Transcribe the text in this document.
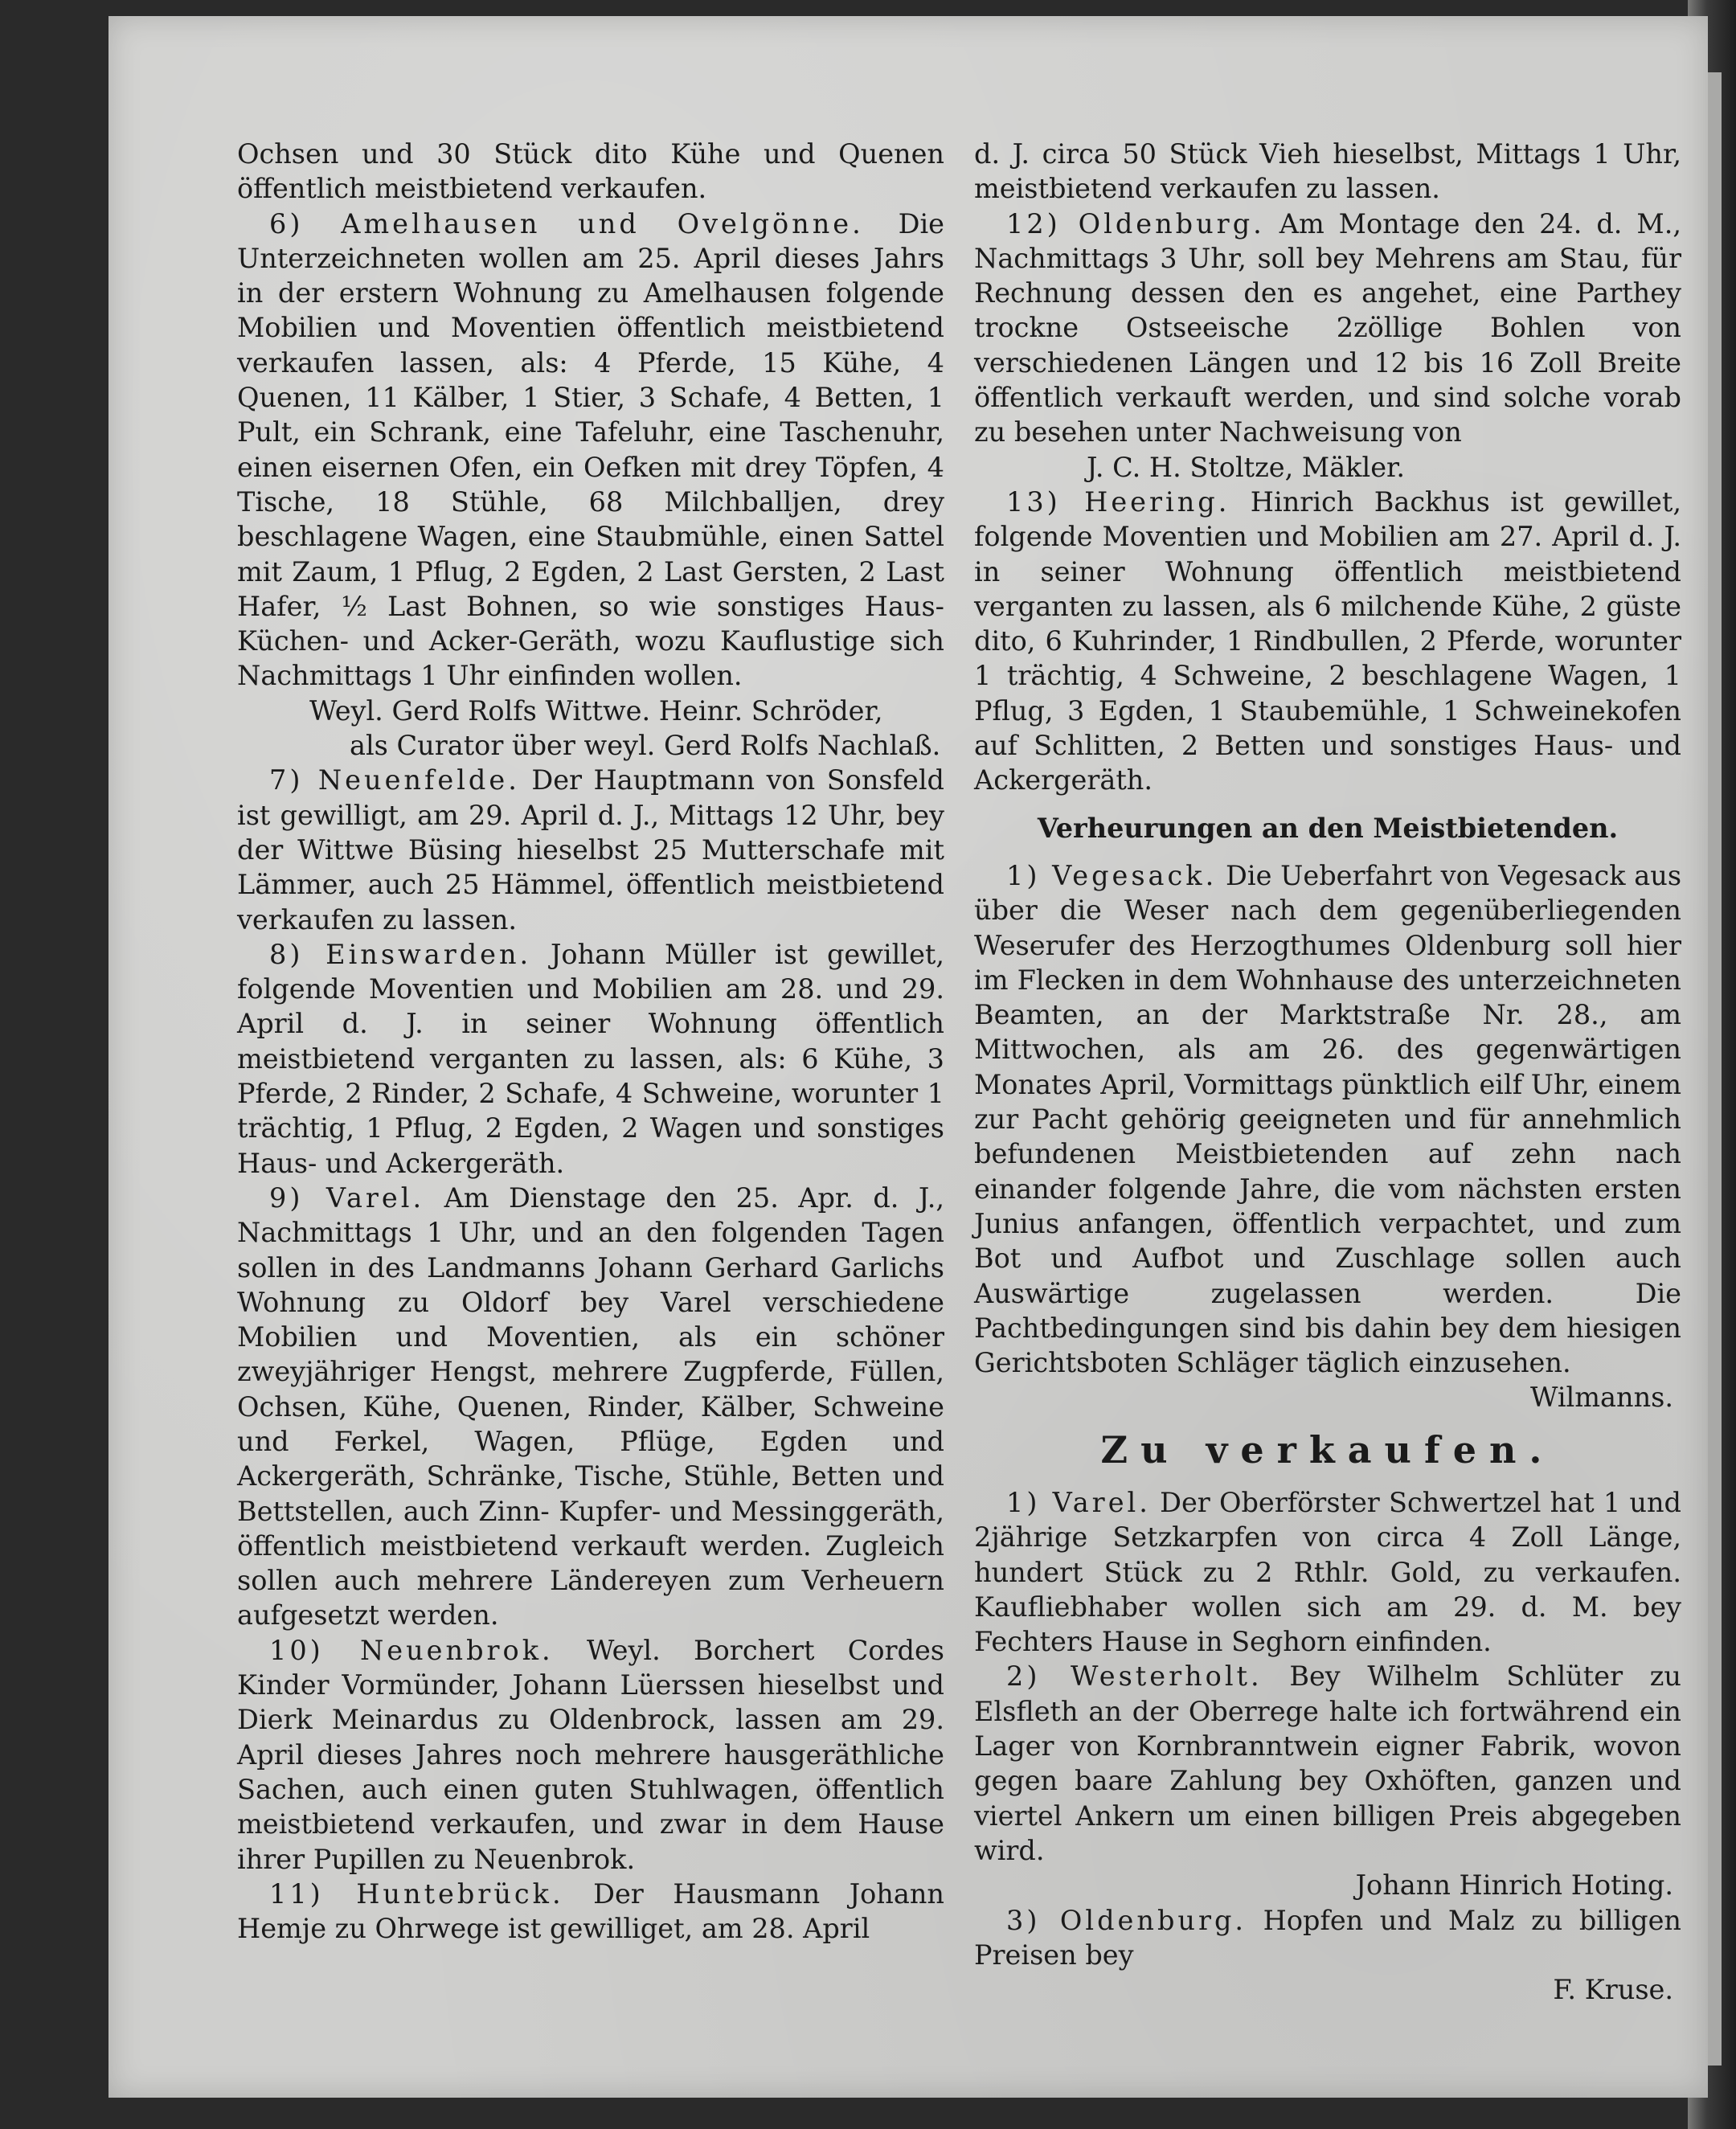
Ochsen und 30 Stück dito Kühe und Quenen öffentlich meistbietend verkaufen.

6) Amelhausen und Ovelgönne. Die Unterzeichneten wollen am 25. April dieses Jahrs in der erstern Wohnung zu Amelhausen folgende Mobilien und Moventien öffentlich meistbietend verkaufen lassen, als: 4 Pferde, 15 Kühe, 4 Quenen, 11 Kälber, 1 Stier, 3 Schafe, 4 Betten, 1 Pult, ein Schrank, eine Tafeluhr, eine Taschenuhr, einen eisernen Ofen, ein Oefken mit drey Töpfen, 4 Tische, 18 Stühle, 68 Milchballjen, drey beschlagene Wagen, eine Staubmühle, einen Sattel mit Zaum, 1 Pflug, 2 Egden, 2 Last Gersten, 2 Last Hafer, ½ Last Bohnen, so wie sonstiges Haus- Küchen- und Acker-Geräth, wozu Kauflustige sich Nachmittags 1 Uhr einfinden wollen.

Weyl. Gerd Rolfs Wittwe. Heinr. Schröder,

als Curator über weyl. Gerd Rolfs Nachlaß.

7) Neuenfelde. Der Hauptmann von Sonsfeld ist gewilligt, am 29. April d. J., Mittags 12 Uhr, bey der Wittwe Büsing hieselbst 25 Mutterschafe mit Lämmer, auch 25 Hämmel, öffentlich meistbietend verkaufen zu lassen.

8) Einswarden. Johann Müller ist gewillet, folgende Moventien und Mobilien am 28. und 29. April d. J. in seiner Wohnung öffentlich meistbietend verganten zu lassen, als: 6 Kühe, 3 Pferde, 2 Rinder, 2 Schafe, 4 Schweine, worunter 1 trächtig, 1 Pflug, 2 Egden, 2 Wagen und sonstiges Haus- und Ackergeräth.

9) Varel. Am Dienstage den 25. Apr. d. J., Nachmittags 1 Uhr, und an den folgenden Tagen sollen in des Landmanns Johann Gerhard Garlichs Wohnung zu Oldorf bey Varel verschiedene Mobilien und Moventien, als ein schöner zweyjähriger Hengst, mehrere Zugpferde, Füllen, Ochsen, Kühe, Quenen, Rinder, Kälber, Schweine und Ferkel, Wagen, Pflüge, Egden und Ackergeräth, Schränke, Tische, Stühle, Betten und Bettstellen, auch Zinn- Kupfer- und Messinggeräth, öffentlich meistbietend verkauft werden. Zugleich sollen auch mehrere Ländereyen zum Verheuern aufgesetzt werden.

10) Neuenbrok. Weyl. Borchert Cordes Kinder Vormünder, Johann Lüerssen hieselbst und Dierk Meinardus zu Oldenbrock, lassen am 29. April dieses Jahres noch mehrere hausgeräthliche Sachen, auch einen guten Stuhlwagen, öffentlich meistbietend verkaufen, und zwar in dem Hause ihrer Pupillen zu Neuenbrok.

11) Huntebrück. Der Hausmann Johann Hemje zu Ohrwege ist gewilliget, am 28. April

d. J. circa 50 Stück Vieh hieselbst, Mittags 1 Uhr, meistbietend verkaufen zu lassen.

12) Oldenburg. Am Montage den 24. d. M., Nachmittags 3 Uhr, soll bey Mehrens am Stau, für Rechnung dessen den es angehet, eine Parthey trockne Ostseeische 2zöllige Bohlen von verschiedenen Längen und 12 bis 16 Zoll Breite öffentlich verkauft werden, und sind solche vorab zu besehen unter Nachweisung von

J. C. H. Stoltze, Mäkler.

13) Heering. Hinrich Backhus ist gewillet, folgende Moventien und Mobilien am 27. April d. J. in seiner Wohnung öffentlich meistbietend verganten zu lassen, als 6 milchende Kühe, 2 güste dito, 6 Kuhrinder, 1 Rindbullen, 2 Pferde, worunter 1 trächtig, 4 Schweine, 2 beschlagene Wagen, 1 Pflug, 3 Egden, 1 Staubemühle, 1 Schweinekofen auf Schlitten, 2 Betten und sonstiges Haus- und Ackergeräth.

Verheurungen an den Meistbietenden.

1) Vegesack. Die Ueberfahrt von Vegesack aus über die Weser nach dem gegenüberliegenden Weserufer des Herzogthumes Oldenburg soll hier im Flecken in dem Wohnhause des unterzeichneten Beamten, an der Marktstraße Nr. 28., am Mittwochen, als am 26. des gegenwärtigen Monates April, Vormittags pünktlich eilf Uhr, einem zur Pacht gehörig geeigneten und für annehmlich befundenen Meistbietenden auf zehn nach einander folgende Jahre, die vom nächsten ersten Junius anfangen, öffentlich verpachtet, und zum Bot und Aufbot und Zuschlage sollen auch Auswärtige zugelassen werden. Die Pachtbedingungen sind bis dahin bey dem hiesigen Gerichtsboten Schläger täglich einzusehen.

Wilmanns.

Zu verkaufen.

1) Varel. Der Oberförster Schwertzel hat 1 und 2jährige Setzkarpfen von circa 4 Zoll Länge, hundert Stück zu 2 Rthlr. Gold, zu verkaufen. Kaufliebhaber wollen sich am 29. d. M. bey Fechters Hause in Seghorn einfinden.

2) Westerholt. Bey Wilhelm Schlüter zu Elsfleth an der Oberrege halte ich fortwährend ein Lager von Kornbranntwein eigner Fabrik, wovon gegen baare Zahlung bey Oxhöften, ganzen und viertel Ankern um einen billigen Preis abgegeben wird.

Johann Hinrich Hoting.

3) Oldenburg. Hopfen und Malz zu billigen Preisen bey

F. Kruse.
